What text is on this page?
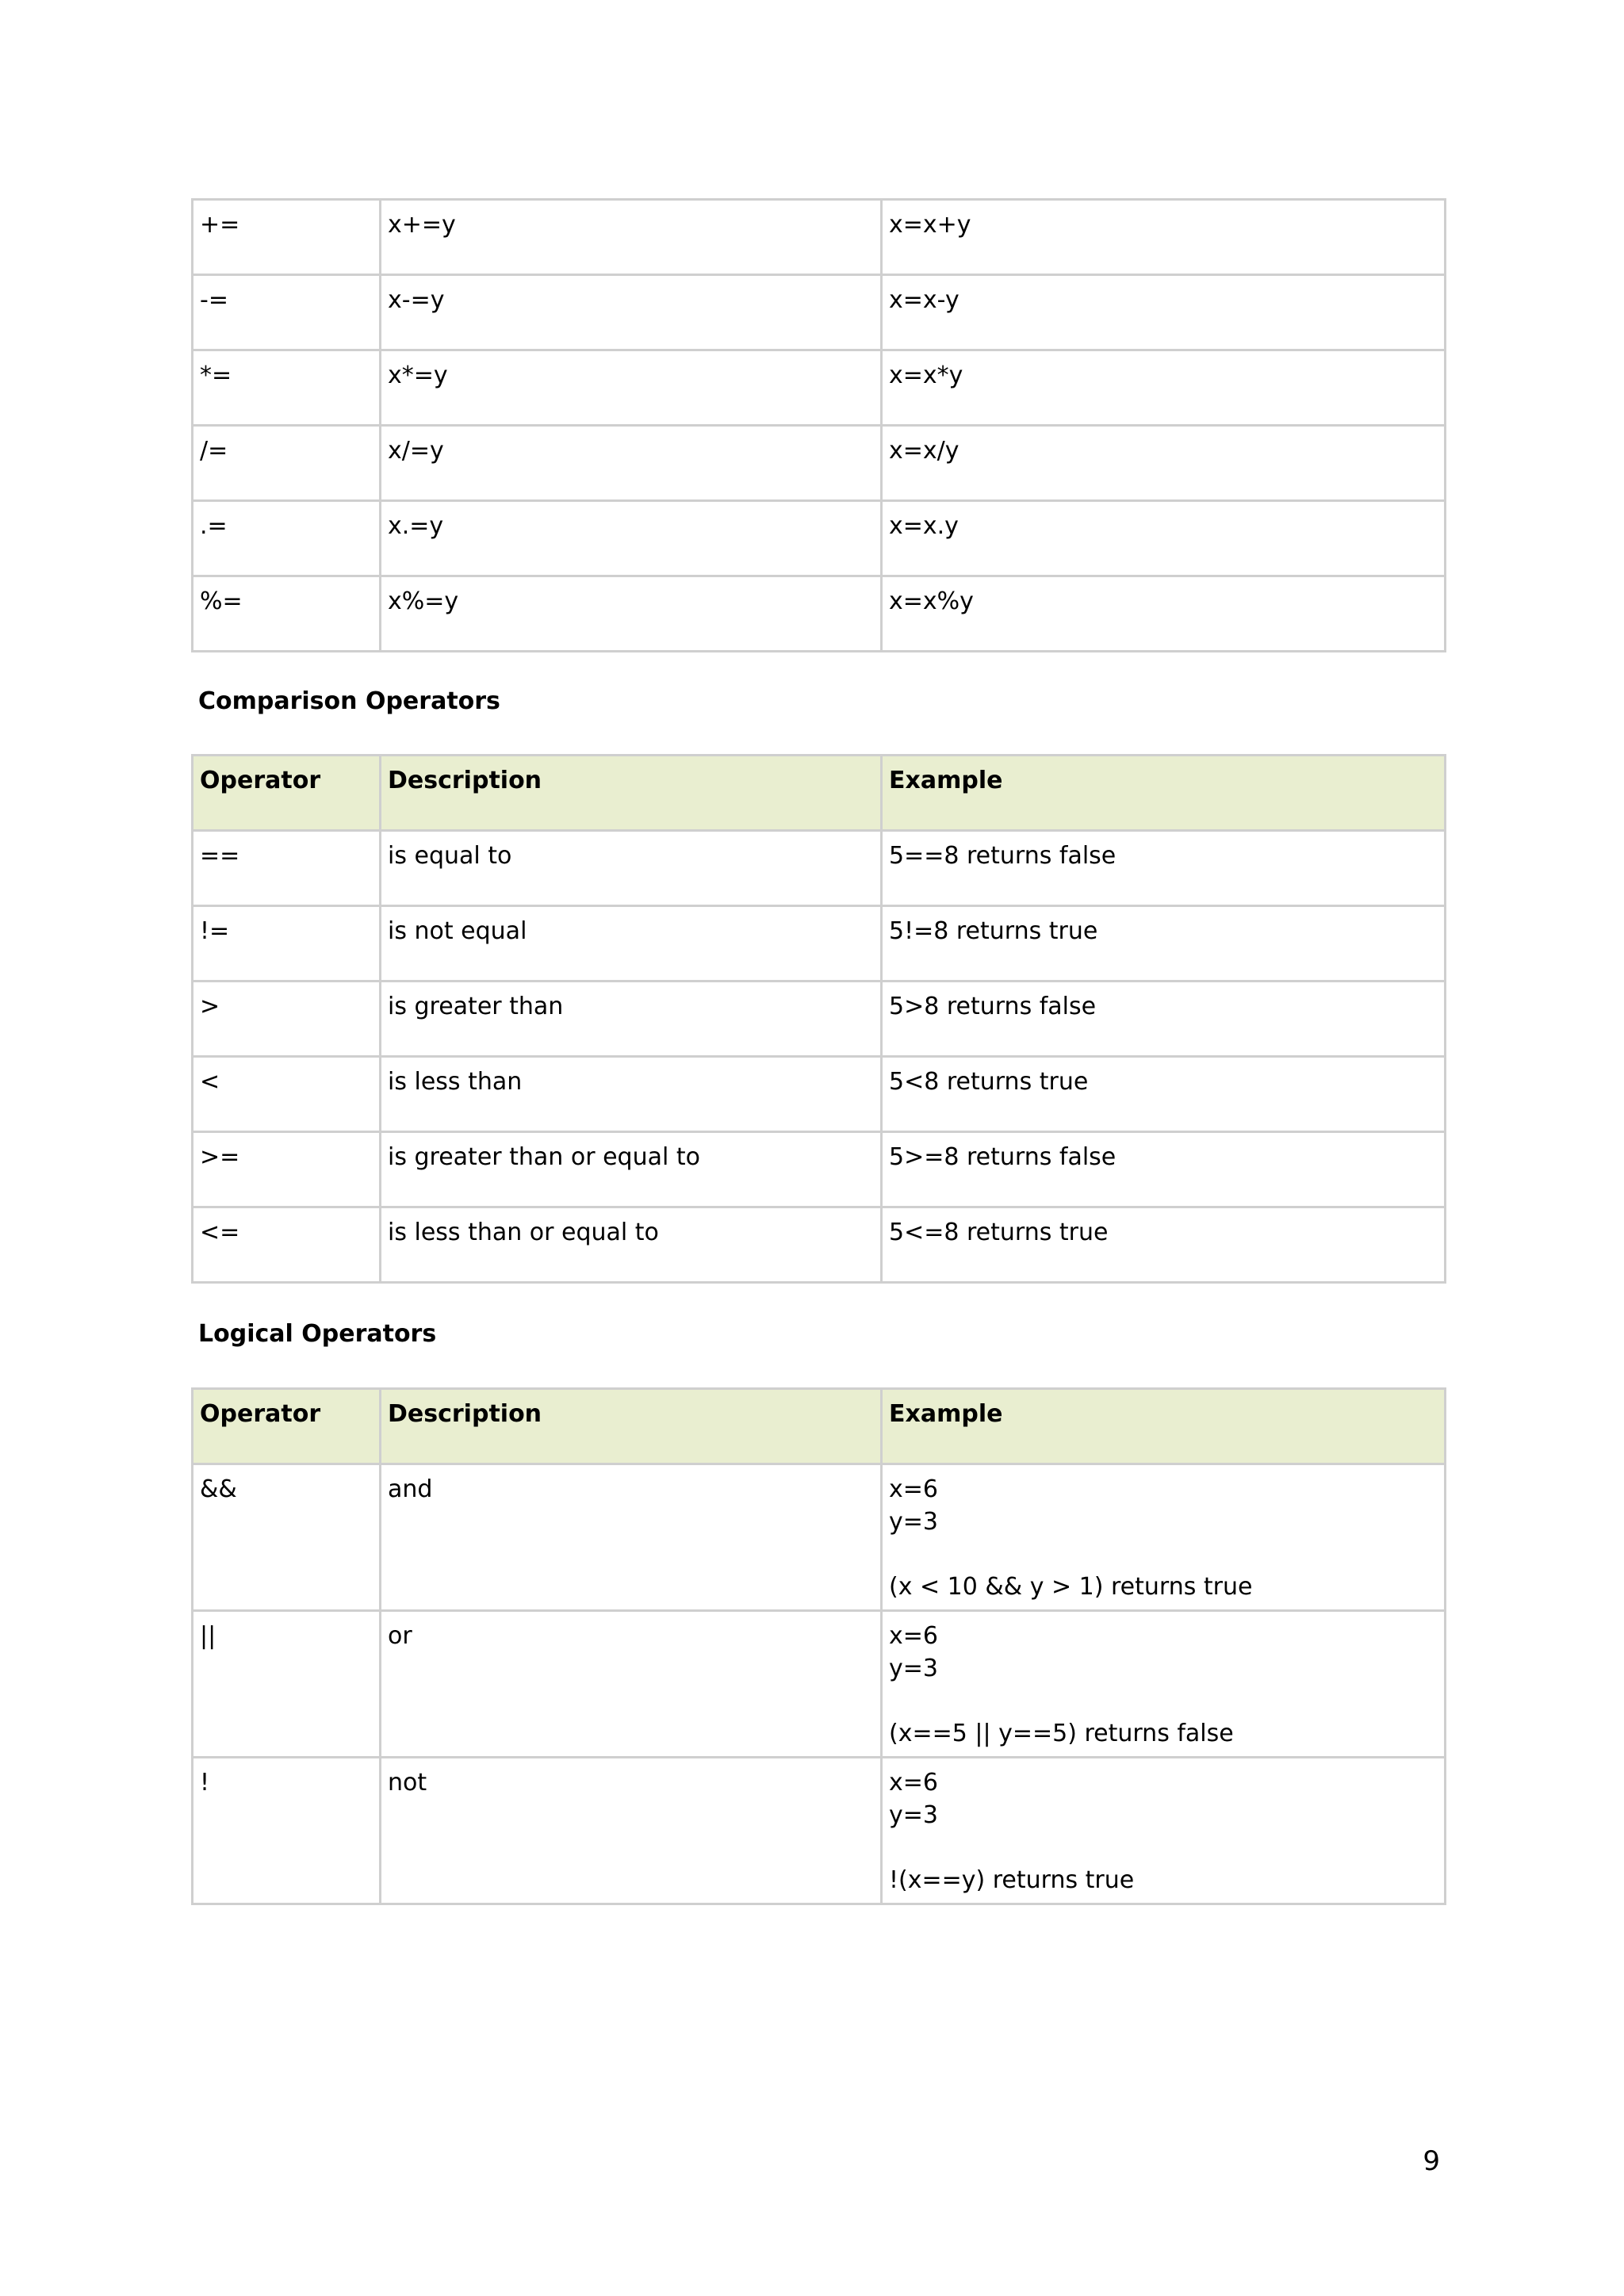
+=	x+=y	x=x+y
-=	x-=y	x=x-y
*=	x*=y	x=x*y
/=	x/=y	x=x/y
.=	x.=y	x=x.y
%=	x%=y	x=x%y
Comparison Operators
Operator	Description	Example
==	is equal to	5==8 returns false
!=	is not equal	5!=8 returns true
>	is greater than	5>8 returns false
<	is less than	5<8 returns true
>=	is greater than or equal to	5>=8 returns false
<=	is less than or equal to	5<=8 returns true
Logical Operators
Operator	Description	Example
&&	and	x=6
y=3
(x < 10 && y > 1) returns true

||	or	x=6
y=3
(x==5 || y==5) returns false

!	not	x=6
y=3
!(x==y) returns true
9
